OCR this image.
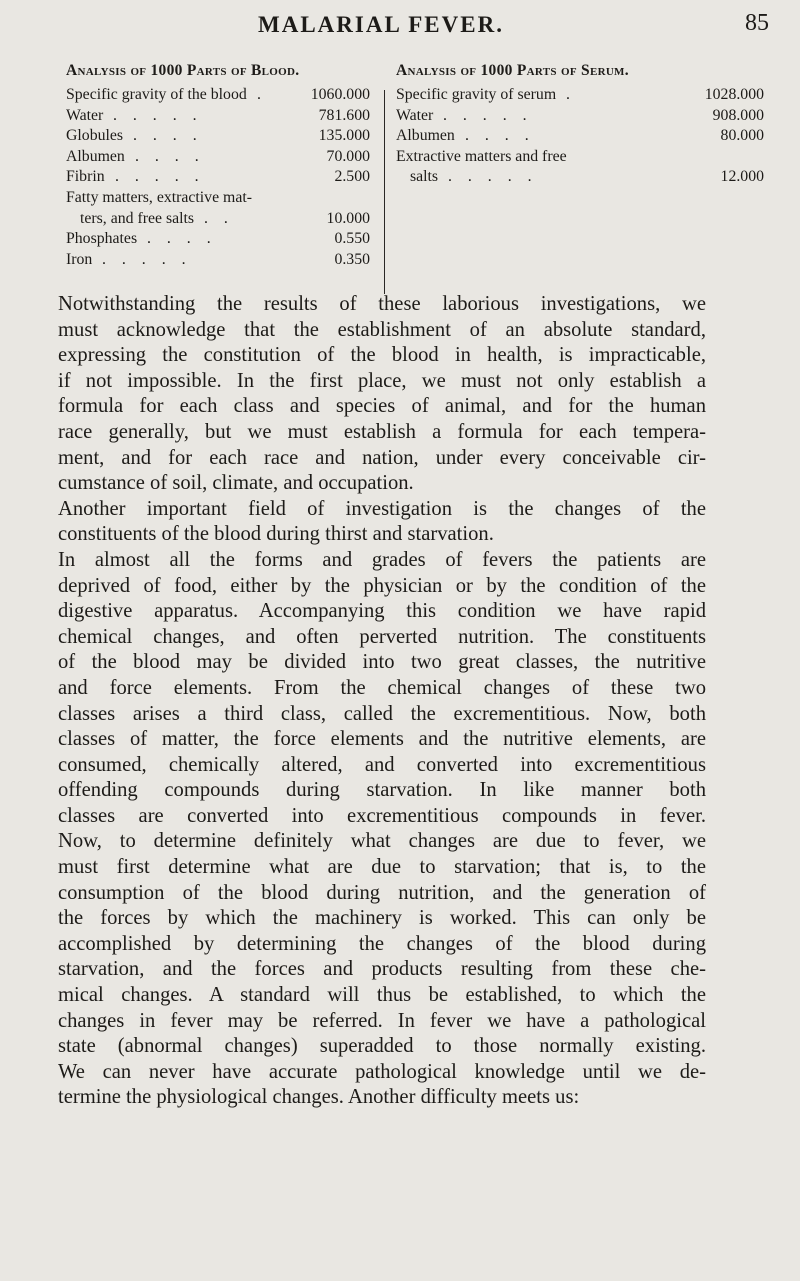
MALARIAL FEVER.	85
Analysis of 1000 Parts of Blood.
Specific gravity of the blood .	1060.000
Water . . . . .	781.600
Globules . . . .	135.000
Albumen . . . .	70.000
Fibrin . . . . .	2.500
Fatty matters, extractive mat-
ters, and free salts . .	10.000
Phosphates . . . .	0.550
Iron . . . . .	0.350
Analysis of 1000 Parts of Serum.
Specific gravity of serum .	1028.000
Water . . . . .	908.000
Albumen . . . .	80.000
Extractive matters and free
salts . . . . .	12.000
Notwithstanding the results of these laborious investigations, we
must acknowledge that the establishment of an absolute standard,
expressing the constitution of the blood in health, is impracticable,
if not impossible. In the first place, we must not only establish a
formula for each class and species of animal, and for the human
race generally, but we must establish a formula for each tempera-
ment, and for each race and nation, under every conceivable cir-
cumstance of soil, climate, and occupation.
Another important field of investigation is the changes of the
constituents of the blood during thirst and starvation.
In almost all the forms and grades of fevers the patients are
deprived of food, either by the physician or by the condition of the
digestive apparatus. Accompanying this condition we have rapid
chemical changes, and often perverted nutrition. The constituents
of the blood may be divided into two great classes, the nutritive
and force elements. From the chemical changes of these two
classes arises a third class, called the excrementitious. Now, both
classes of matter, the force elements and the nutritive elements, are
consumed, chemically altered, and converted into excrementitious
offending compounds during starvation. In like manner both
classes are converted into excrementitious compounds in fever.
Now, to determine definitely what changes are due to fever, we
must first determine what are due to starvation; that is, to the
consumption of the blood during nutrition, and the generation of
the forces by which the machinery is worked. This can only be
accomplished by determining the changes of the blood during
starvation, and the forces and products resulting from these che-
mical changes. A standard will thus be established, to which the
changes in fever may be referred. In fever we have a pathological
state (abnormal changes) superadded to those normally existing.
We can never have accurate pathological knowledge until we de-
termine the physiological changes. Another difficulty meets us:
